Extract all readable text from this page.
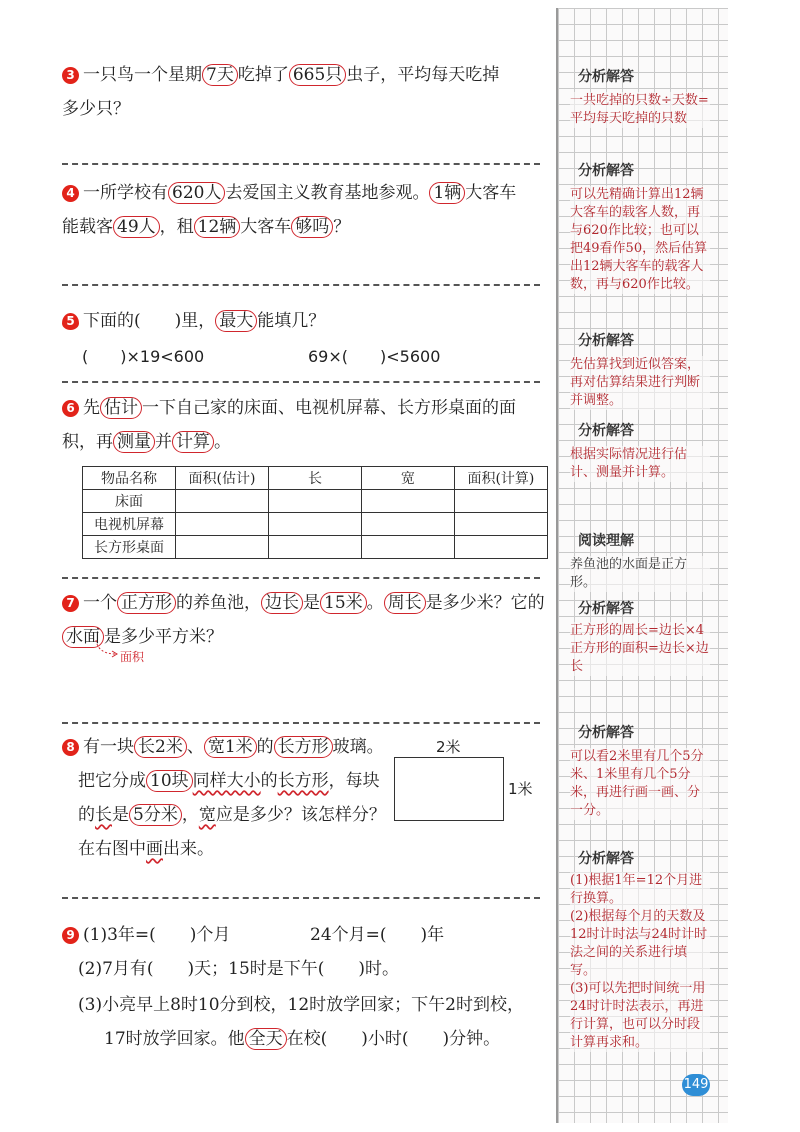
3 一只鸟一个星期 7天 吃掉了 665只 虫子，平均每天吃掉
多少只？
4 一所学校有 620人 去爱国主义教育基地参观。 1辆 大客车
能载客 49人 ，租 12辆 大客车 够吗 ？
5 下面的(　　)里， 最大 能填几？
(　　)×19<600	69×(　　)<5600
6 先 估计 一下自己家的床面、电视机屏幕、长方形桌面的面
积，再 测量 并 计算 。
物品名称	面积(估计)	长	宽	面积(计算)
床面				
电视机屏幕				
长方形桌面				
7 一个 正方形 的养鱼池， 边长 是 15米 。 周长 是多少米？它的
水面 是多少平方米？
面积
8 有一块 长2米 、 宽1米 的 长方形 玻璃。
把它分成 10块 同样大小的长方形，每块
的长是 5分米 ，宽应是多少？该怎样分？
在右图中画出来。
2米
1米
9 (1)3年=(　　)个月	24个月=(　　)年
(2)7月有(　　)天；15时是下午(　　)时。
(3)小亮早上8时10分到校，12时放学回家；下午2时到校，
17时放学回家。他 全天 在校(　　)小时(　　)分钟。
分析解答
一共吃掉的只数÷天数=平均每天吃掉的只数
分析解答
可以先精确计算出12辆大客车的载客人数，再与620作比较；也可以把49看作50，然后估算出12辆大客车的载客人数，再与620作比较。
分析解答
先估算找到近似答案，再对估算结果进行判断并调整。
分析解答
根据实际情况进行估计、测量并计算。
阅读理解
养鱼池的水面是正方形。
分析解答
正方形的周长=边长×4
正方形的面积=边长×边长
分析解答
可以看2米里有几个5分米、1米里有几个5分米，再进行画一画、分一分。
分析解答
(1)根据1年=12个月进行换算。
(2)根据每个月的天数及12时计时法与24时计时法之间的关系进行填写。
(3)可以先把时间统一用24时计时法表示，再进行计算，也可以分时段计算再求和。
149
